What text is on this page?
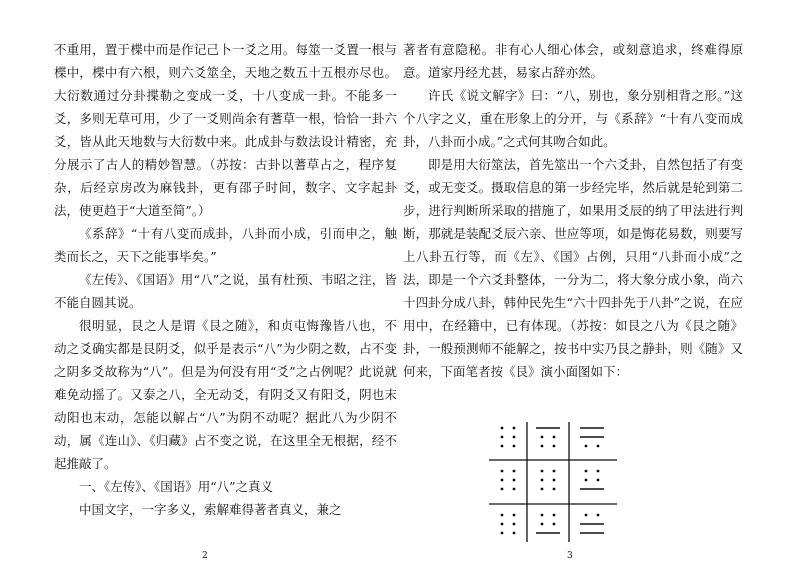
不重用，置于楪中而是作记己卜一爻之用。每筮一爻置一根与楪中，楪中有六根，则六爻筮全，天地之数五十五根亦尽也。大衍数通过分卦揲勒之变成一爻，十八变成一卦。不能多一爻，多则无草可用，少了一爻则尚余有蓍草一根，恰恰一卦六爻，皆从此天地数与大衍数中来。此成卦与数法设计精密，充分展示了古人的精妙智慧。（苏按：古卦以蓍草占之，程序复杂，后经京房改为麻钱卦，更有邵子时间，数字、文字起卦法，使更趋于“大道至简”。）

《系辞》“十有八变而成卦，八卦而小成，引而申之，触类而长之，天下之能事毕矣。”

《左传》、《国语》用“八”之说，虽有杜预、韦昭之注，皆不能自圆其说。

很明显，艮之人是谓《艮之随》，和贞屯悔豫皆八也，不动之爻确实都是艮阴爻，似乎是表示“八”为少阴之数，占不变之阴多爻故称为“八”。但是为何没有用“爻”之占例呢？此说就难免动摇了。又泰之八，全无动爻，有阴爻又有阳爻，阴也末动阳也末动，怎能以解占“八”为阴不动呢？据此八为少阴不动，属《连山》、《归藏》占不变之说，在这里全无根据，经不起推敲了。

一、《左传》、《国语》用“八”之真义

中国文字，一字多义，索解难得著者真义，兼之

2

著者有意隐秘。非有心人细心体会，或刻意追求，终难得原意。道家丹经尤甚，易家占辞亦然。

许氏《说文解字》曰：“八，别也，象分别相背之形。”这个八字之义，重在形象上的分开，与《系辞》“十有八变而成卦，八卦而小成。”之式何其吻合如此。

即是用大衍筮法，首先筮出一个六爻卦，自然包括了有变爻，或无变爻。摄取信息的第一步经完毕，然后就是轮到第二步，进行判断所采取的措施了，如果用爻辰的纳了甲法进行判断，那就是装配爻辰六亲、世应等项，如是悔花易数，则要写上八卦五行等，而《左》、《国》占例，只用“八卦而小成”之法，即是一个六爻卦整体，一分为二，将大象分成小象，尚六十四卦分成八卦，韩仲民先生“六十四卦先于八卦”之说，在应用中，在经籍中，已有体现。（苏按：如艮之八为《艮之随》卦，一般预测师不能解之，按书中实乃艮之静卦，则《随》又何来，下面笔者按《艮》演小面图如下：

3
